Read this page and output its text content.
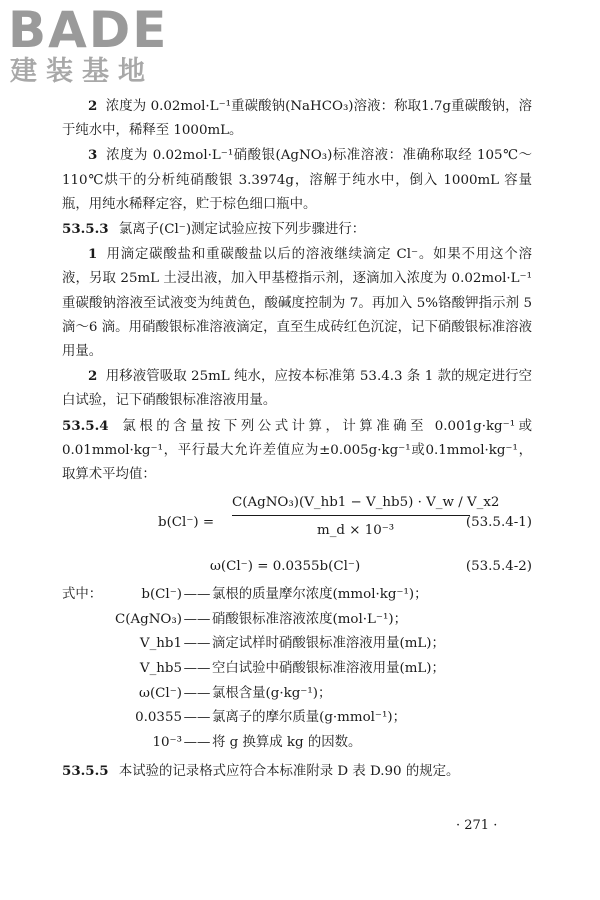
BADE
建装基地

2 浓度为 0.02mol·L⁻¹重碳酸钠(NaHCO₃)溶液：称取1.7g重碳酸钠，溶于纯水中，稀释至 1000mL。

3 浓度为 0.02mol·L⁻¹硝酸银(AgNO₃)标准溶液：准确称取经 105℃～110℃烘干的分析纯硝酸银 3.3974g，溶解于纯水中，倒入 1000mL 容量瓶，用纯水稀释定容，贮于棕色细口瓶中。

53.5.3 氯离子(Cl⁻)测定试验应按下列步骤进行：

1 用滴定碳酸盐和重碳酸盐以后的溶液继续滴定 Cl⁻。如果不用这个溶液，另取 25mL 土浸出液，加入甲基橙指示剂，逐滴加入浓度为 0.02mol·L⁻¹重碳酸钠溶液至试液变为纯黄色，酸碱度控制为 7。再加入 5%铬酸钾指示剂 5 滴～6 滴。用硝酸银标准溶液滴定，直至生成砖红色沉淀，记下硝酸银标准溶液用量。

2 用移液管吸取 25mL 纯水，应按本标准第 53.4.3 条 1 款的规定进行空白试验，记下硝酸银标准溶液用量。

53.5.4 氯根的含量按下列公式计算，计算准确至 0.001g·kg⁻¹或 0.01mmol·kg⁻¹，平行最大允许差值应为±0.005g·kg⁻¹或0.1mmol·kg⁻¹，取算术平均值：

b(Cl⁻) =
C(AgNO₃)(V_hb1 − V_hb5) · V_w / V_x2
m_d × 10⁻³
(53.5.4-1)
ω(Cl⁻) = 0.0355b(Cl⁻)	(53.5.4-2)
式中：	b(Cl⁻) —— 氯根的质量摩尔浓度(mmol·kg⁻¹)；
C(AgNO₃) —— 硝酸银标准溶液浓度(mol·L⁻¹)；
V_hb1 —— 滴定试样时硝酸银标准溶液用量(mL)；
V_hb5 —— 空白试验中硝酸银标准溶液用量(mL)；
ω(Cl⁻) —— 氯根含量(g·kg⁻¹)；
0.0355 —— 氯离子的摩尔质量(g·mmol⁻¹)；
10⁻³ —— 将 g 换算成 kg 的因数。

53.5.5 本试验的记录格式应符合本标准附录 D 表 D.90 的规定。

· 271 ·
